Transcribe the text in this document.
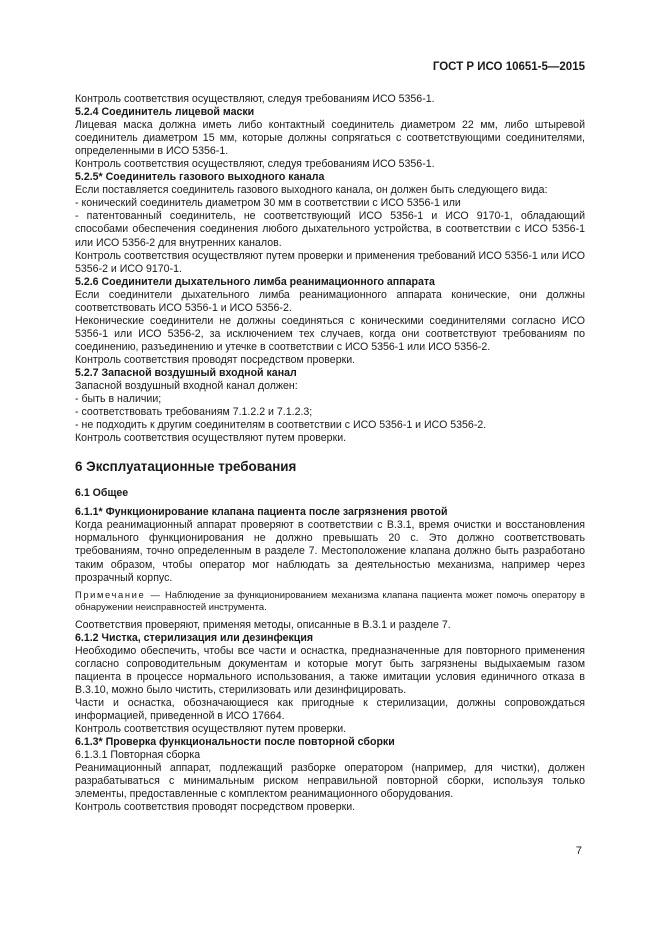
ГОСТ Р ИСО 10651-5—2015

Контроль соответствия осуществляют, следуя требованиям ИСО 5356-1.

5.2.4 Соединитель лицевой маски

Лицевая маска должна иметь либо контактный соединитель диаметром 22 мм, либо штыревой соединитель диаметром 15 мм, которые должны сопрягаться с соответствующими соединителями, определенными в ИСО 5356-1.

Контроль соответствия осуществляют, следуя требованиям ИСО 5356-1.

5.2.5* Соединитель газового выходного канала

Если поставляется соединитель газового выходного канала, он должен быть следующего вида:

- конический соединитель диаметром 30 мм в соответствии с ИСО 5356-1 или

- патентованный соединитель, не соответствующий ИСО 5356-1 и ИСО 9170-1, обладающий способами обеспечения соединения любого дыхательного устройства, в соответствии с ИСО 5356-1 или ИСО 5356-2 для внутренних каналов.

Контроль соответствия осуществляют путем проверки и применения требований ИСО 5356-1 или ИСО 5356-2 и ИСО 9170-1.

5.2.6 Соединители дыхательного лимба реанимационного аппарата

Если соединители дыхательного лимба реанимационного аппарата конические, они должны соответствовать ИСО 5356-1 и ИСО 5356-2.

Неконические соединители не должны соединяться с коническими соединителями согласно ИСО 5356-1 или ИСО 5356-2, за исключением тех случаев, когда они соответствуют требованиям по соединению, разъединению и утечке в соответствии с ИСО 5356-1 или ИСО 5356-2.

Контроль соответствия проводят посредством проверки.

5.2.7 Запасной воздушный входной канал

Запасной воздушный входной канал должен:

- быть в наличии;

- соответствовать требованиям 7.1.2.2 и 7.1.2.3;

- не подходить к другим соединителям в соответствии с ИСО 5356-1 и ИСО 5356-2.

Контроль соответствия осуществляют путем проверки.

6 Эксплуатационные требования

6.1 Общее

6.1.1* Функционирование клапана пациента после загрязнения рвотой

Когда реанимационный аппарат проверяют в соответствии с В.3.1, время очистки и восстановления нормального функционирования не должно превышать 20 с. Это должно соответствовать требованиям, точно определенным в разделе 7. Местоположение клапана должно быть разработано таким образом, чтобы оператор мог наблюдать за деятельностью механизма, например через прозрачный корпус.

Примечание — Наблюдение за функционированием механизма клапана пациента может помочь оператору в обнаружении неисправностей инструмента.

Соответствия проверяют, применяя методы, описанные в В.3.1 и разделе 7.

6.1.2 Чистка, стерилизация или дезинфекция

Необходимо обеспечить, чтобы все части и оснастка, предназначенные для повторного применения согласно сопроводительным документам и которые могут быть загрязнены выдыхаемым газом пациента в процессе нормального использования, а также имитации условия единичного отказа в В.3.10, можно было чистить, стерилизовать или дезинфицировать.

Части и оснастка, обозначающиеся как пригодные к стерилизации, должны сопровождаться информацией, приведенной в ИСО 17664.

Контроль соответствия осуществляют путем проверки.

6.1.3* Проверка функциональности после повторной сборки

6.1.3.1 Повторная сборка

Реанимационный аппарат, подлежащий разборке оператором (например, для чистки), должен разрабатываться с минимальным риском неправильной повторной сборки, используя только элементы, предоставленные с комплектом реанимационного оборудования.

Контроль соответствия проводят посредством проверки.

7
